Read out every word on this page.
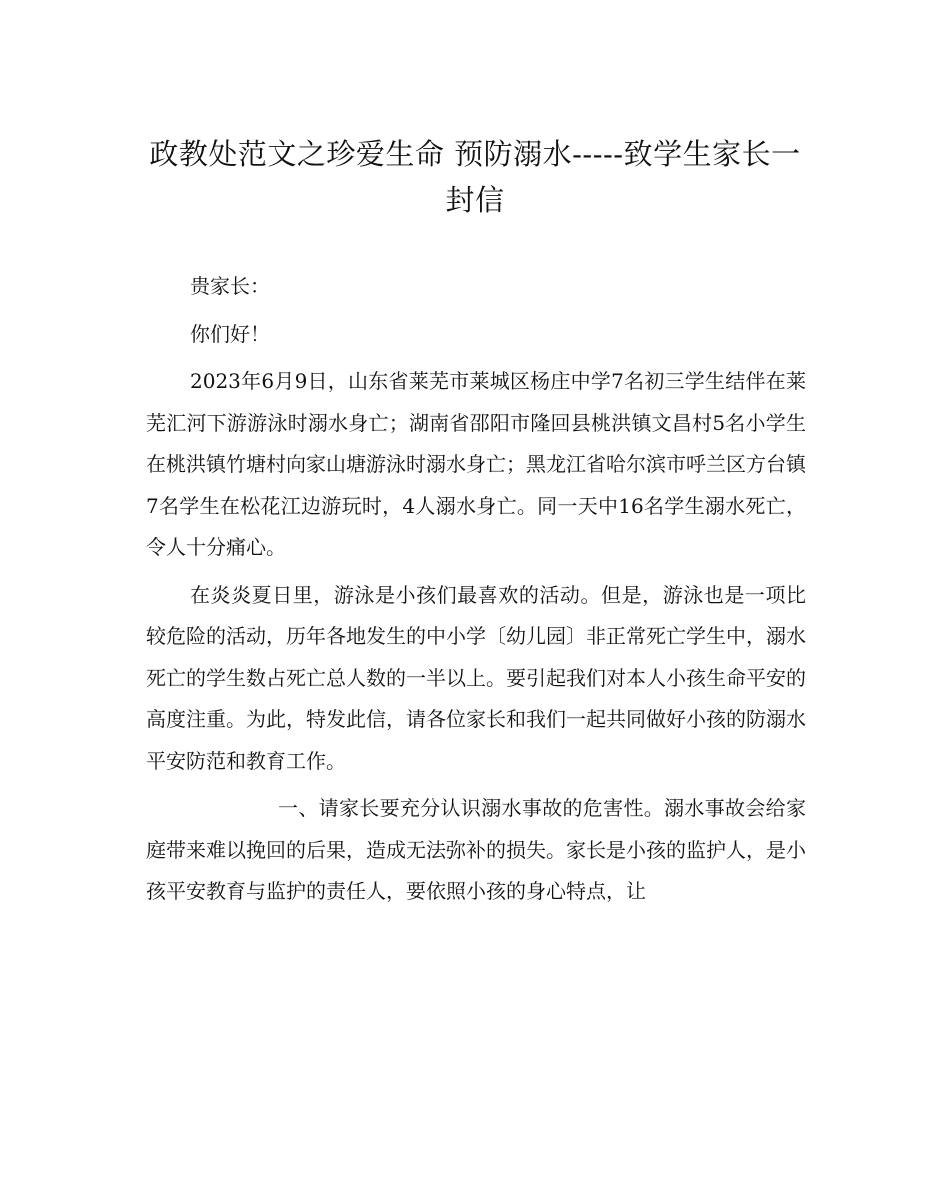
政教处范文之珍爱生命 预防溺水-----致学生家长一封信

贵家长：

你们好！

2023年6月9日，山东省莱芜市莱城区杨庄中学7名初三学生结伴在莱芜汇河下游游泳时溺水身亡；湖南省邵阳市隆回县桃洪镇文昌村5名小学生在桃洪镇竹塘村向家山塘游泳时溺水身亡；黑龙江省哈尔滨市呼兰区方台镇7名学生在松花江边游玩时，4人溺水身亡。同一天中16名学生溺水死亡，令人十分痛心。

在炎炎夏日里，游泳是小孩们最喜欢的活动。但是，游泳也是一项比较危险的活动，历年各地发生的中小学〔幼儿园〕非正常死亡学生中，溺水死亡的学生数占死亡总人数的一半以上。要引起我们对本人小孩生命平安的高度注重。为此，特发此信，请各位家长和我们一起共同做好小孩的防溺水平安防范和教育工作。

一、请家长要充分认识溺水事故的危害性。溺水事故会给家庭带来难以挽回的后果，造成无法弥补的损失。家长是小孩的监护人，是小孩平安教育与监护的责任人，要依照小孩的身心特点，让
